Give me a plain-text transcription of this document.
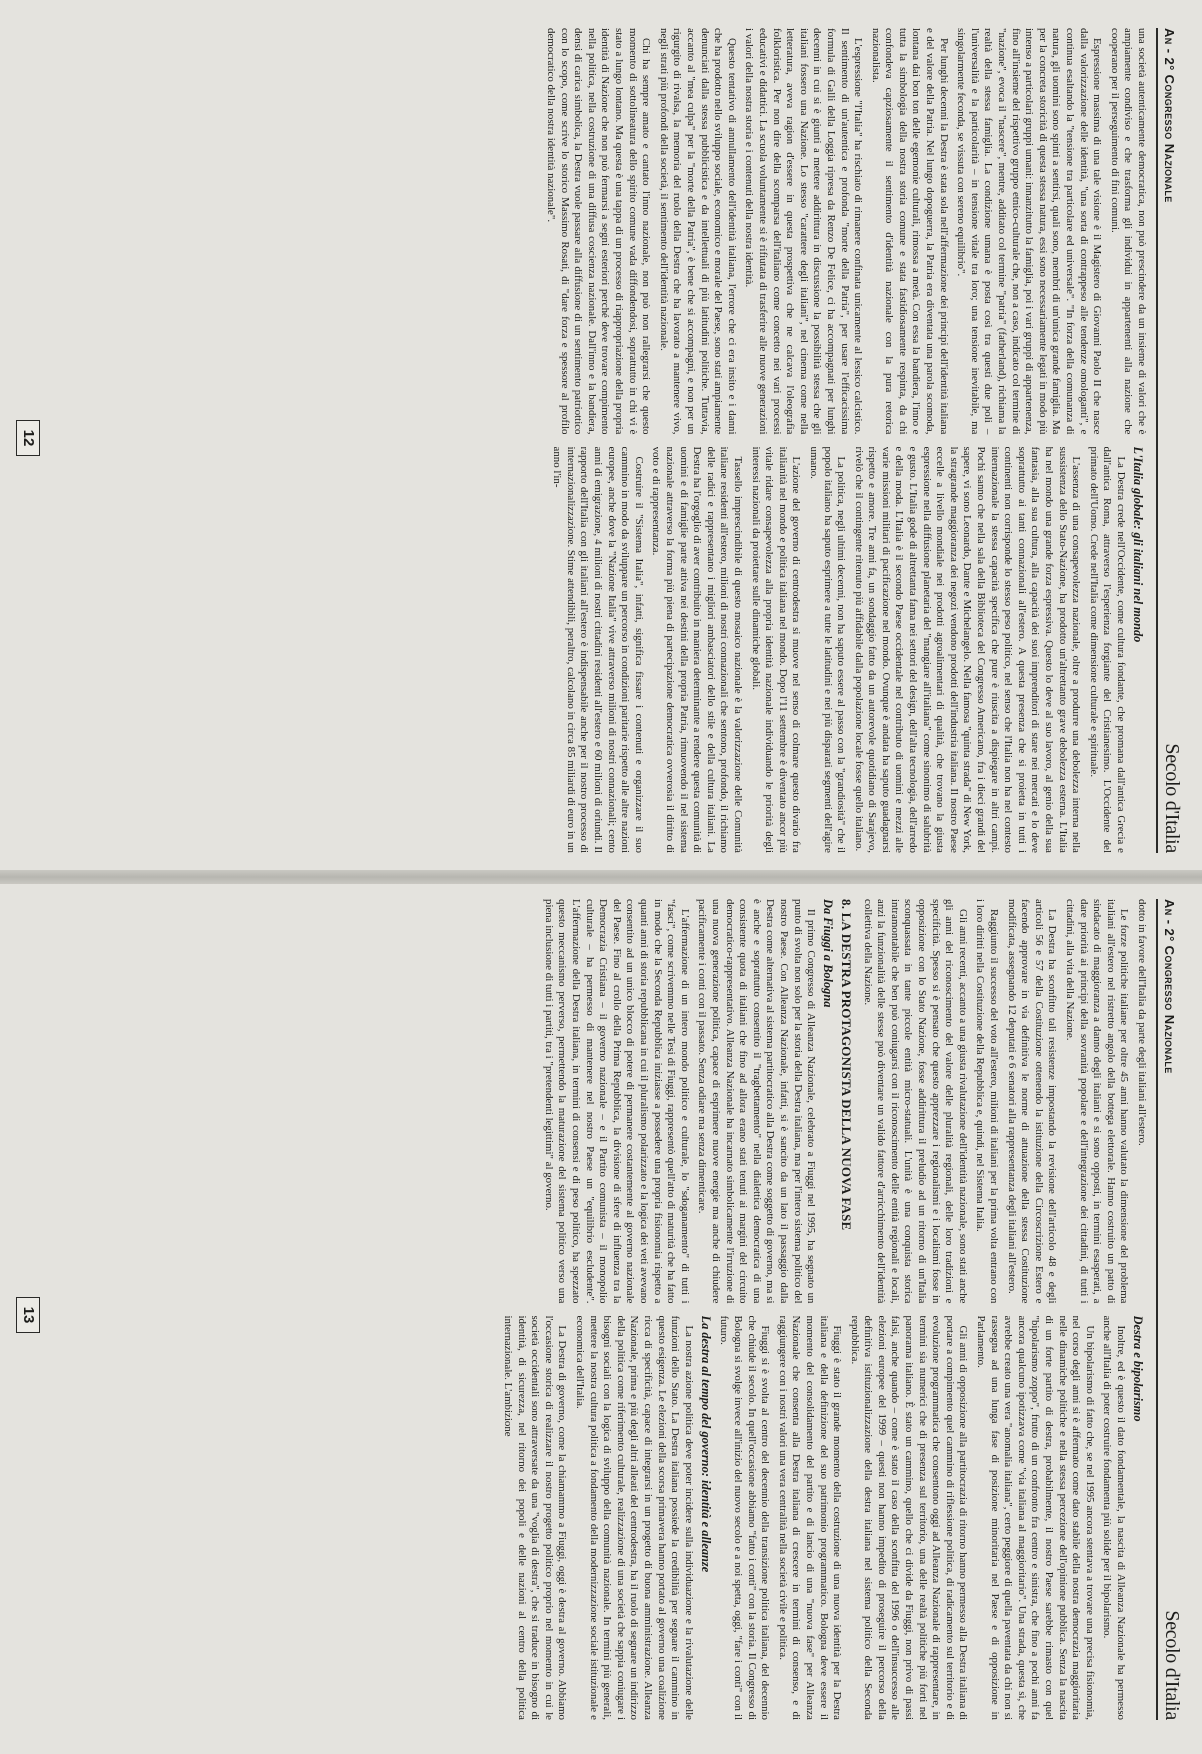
An - 2° Congresso Nazionale
Secolo d'Italia

una società autenticamente democratica, non può prescindere da un insieme di valori che è ampiamente condiviso e che trasforma gli individui in appartenenti alla nazione che cooperano per il perseguimento di fini comuni.

Espressione massima di una tale visione è il Magistero di Giovanni Paolo II che nasce dalla valorizzazione delle identità, "una sorta di contrappeso alle tendenze omologanti", e continua esaltando la "tensione tra particolare ed universale". "In forza della comunanza di natura, gli uomini sono spinti a sentirsi, quali sono, membri di un'unica grande famiglia. Ma per la concreta storicità di questa stessa natura, essi sono necessariamente legati in modo più intenso a particolari gruppi umani: innanzitutto la famiglia, poi i vari gruppi di appartenenza, fino all'insieme del rispettivo gruppo etnico-culturale che, non a caso, indicato col termine di "nazione", evoca il "nascere", mentre, additato col termine "patria" (fatherland), richiama la realtà della stessa famiglia. La condizione umana è posta così tra questi due poli – l'universalità e la particolarità – in tensione vitale tra loro; una tensione inevitabile, ma singolarmente feconda, se vissuta con sereno equilibrio".

Per lunghi decenni la Destra è stata sola nell'affermazione dei principi dell'identità italiana e del valore della Patria. Nel lungo dopoguerra, la Patria era diventata una parola scomoda, lontana dai bon ton delle egemonie culturali, rimossa a metà. Con essa la bandiera, l'inno e tutta la simbologia della nostra storia comune e stata fastidiosamente respinta, da chi confondeva capziosamente il sentimento d'identità nazionale con la pura retorica nazionalista.

L'espressione "l'Italia" ha rischiato di rimanere confinata unicamente al lessico calcistico. Il sentimento di un'autentica e profonda "morte della Patria", per usare l'efficacissima formula di Galli della Loggia ripresa da Renzo De Felice, ci ha accompagnati per lunghi decenni in cui si è giunti a mettere addirittura in discussione la possibilità stessa che gli italiani fossero una Nazione. Lo stesso "carattere degli italiani", nel cinema come nella letteratura, aveva ragion d'essere in questa prospettiva che ne calcava l'oleografia folkloristica. Per non dire della scomparsa dell'italiano come concetto nei vari processi educativi e didattici. La scuola voluntamente si è rifiutata di trasferire alle nuove generazioni i valori della nostra storia e i contenuti della nostra identità.

Questo tentativo di annullamento dell'identità italiana, l'errore che ci era insito e i danni che ha prodotto nello sviluppo sociale, economico e morale del Paese, sono stati ampiamente denunciati dalla stessa pubblicistica e da intellettuali di più latitudini politiche. Tuttavia, accanto al "mea culpa" per la "morte della Patria", è bene che si accompagni, e non per un rigurgito di rivalsa, la memoria del ruolo della Destra che ha lavorato a mantenere vivo, negli strati più profondi della società, il sentimento dell'identità nazionale.

Chi ha sempre amato e cantato l'inno nazionale, non può non rallegrarsi che questo momento di sottolineatura dello spirito comune vada diffondendosi, soprattutto in chi vi è stato a lungo lontano. Ma questa è una tappa di un processo di riappropriazione della propria identità di Nazione che non può fermarsi a segni esteriori perché deve trovare compimento nella politica, nella costruzione di una diffusa coscienza nazionale. Dall'inno e la bandiera, densi di carica simbolica, la Destra vuole passare alla diffusione di un sentimento patriottico con lo scopo, come scrive lo storico Massimo Rosati, di "dare forza e spessore al profilo democratico della nostra identità nazionale".

L'Italia globale: gli italiani nel mondo

La Destra crede nell'Occidente, come cultura fondante, che promana dall'antica Grecia e dall'antica Roma, attraverso l'esperienza forgiante del Cristianesimo. L'Occidente del primato dell'Uomo. Crede nell'Italia come dimensione culturale e spirituale.

L'assenza di una consapevolezza nazionale, oltre a produrre una debolezza interna nella sussistenza dello Stato-Nazione, ha prodotto un'altrettanto grave debolezza esterna. L'Italia ha nel mondo una grande forza espressiva. Questo lo deve al suo lavoro, al genio della sua fantasia, alla sua cultura, alla capacità dei suoi imprenditori di stare nei mercati e lo deve soprattutto ai tanti connazionali all'estero. A questa presenza che si proietta in tutti i continenti non corrisponde lo stesso peso politico, nel senso che l'Italia non ha nel contesto internazionale la stessa capacità specifica che pure è riuscita a dispiegare in altri campi. Pochi sanno che nella sala della Biblioteca del Congresso Americano, fra i dieci grandi del sapere, vi sono Leonardo, Dante e Michelangelo. Nella famosa "quinta strada" di New York, la stragrande maggioranza dei negozi vendono prodotti dell'industria italiana. Il nostro Paese eccelle a livello mondiale nei prodotti agroalimentari di qualità, che trovano la giusta espressione nella diffusione planetaria del "mangiare all'italiana" come sinonimo di salubrità e gusto. L'Italia gode di altrettanta fama nei settori del design, dell'alta tecnologia, dell'arredo e della moda. L'Italia è il secondo Paese occidentale nel contributo di uomini e mezzi alle varie missioni militari di pacificazione nel mondo. Ovunque è andata ha saputo guadagnarsi rispetto e amore. Tre anni fa, un sondaggio fatto da un autorevole quotidiano di Sarajevo, rivelò che il contingente ritenuto più affidabile dalla popolazione locale fosse quello italiano.

La politica, negli ultimi decenni, non ha saputo essere al passo con la "grandiosità" che il popolo italiano ha saputo esprimere a tutte le latitudini e nei più disparati segmenti dell'agire umano.

L'azione del governo di centrodestra si muove nel senso di colmare questo divario fra italianità nel mondo e politica italiana nel mondo. Dopo l'11 settembre è diventato ancor più vitale ridare consapevolezza alla propria identità nazionale individuando le priorità degli interessi nazionali da proiettare sulle dinamiche globali.

Tassello imprescindibile di questo mosaico nazionale è la valorizzazione delle Comunità italiane residenti all'estero, milioni di nostri connazionali che sentono, profondo, il richiamo delle radici e rappresentano i migliori ambasciatori dello stile e della cultura italiani. La Destra ha l'orgoglio di aver contribuito in maniera determinante a rendere questa comunità di uomini e di famiglie parte attiva nei destini della propria Patria, rimuovendo il nel sistema nazionale attraverso la forma più piena di partecipazione democratica ovverosia il diritto di voto e di rappresentanza.

Costruire il "Sistema Italia", infatti, significa fissare i contenuti e organizzare il suo cammino in modo da sviluppare un percorso in condizioni paritarie rispetto alle altre nazioni europee, anche dove la "Nazione Italia" vive attraverso milioni di nostri connazionali; cento anni di emigrazione, 4 milioni di nostri cittadini residenti all'estero e 60 milioni di oriundi. Il rapporto dell'Italia con gli italiani all'estero è indispensabile anche per il nostro processo di internazionalizzazione. Stime attendibili, peraltro, calcolano in circa 85 miliardi di euro in un anno l'in-

12
An - 2° Congresso Nazionale
Secolo d'Italia

dotto in favore dell'Italia da parte degli italiani all'estero.

Le forze politiche italiane per oltre 45 anni hanno valutato la dimensione del problema italiani all'estero nel ristretto angolo della bottega elettorale. Hanno costruito un patto di sindacato di maggioranza a danno degli italiani e si sono opposti, in termini esasperati, a dare priorità ai principi della sovranità popolare e dell'integrazione dei cittadini, di tutti i cittadini, alla vita della Nazione.

La Destra ha sconfitto tali resistenze impostando la revisione dell'articolo 48 e degli articoli 56 e 57 della Costituzione ottenendo la istituzione della Circoscrizione Estero e facendo approvare in via definitiva le norme di attuazione della stessa Costituzione modificata, assegnando 12 deputati e 6 senatori alla rappresentanza degli italiani all'estero.

Raggiunto il successo del voto all'estero, milioni di italiani per la prima volta entrano con i loro diritti nella Costituzione della Repubblica e, quindi, nel Sistema Italia.

Gli anni recenti, accanto a una giusta rivalutazione dell'identità nazionale, sono stati anche gli anni del riconoscimento del valore delle pluralità regionali, delle loro tradizioni e specificità. Spesso si è pensato che questo apprezzare i regionalismi e i localismi fosse in opposizione con lo Stato Nazione, fosse addirittura il preludio ad un ritorno di un'Italia sconquassata in tante piccole entità micro-statuali. L'unità è una conquista storica intramontabile che ben può coniugarsi con il riconoscimento delle entità regionali e locali, anzi la funzionalità delle stesse può diventare un valido fattore d'arricchimento dell'identità collettiva della Nazione.

8. LA DESTRA PROTAGONISTA DELLA NUOVA FASE
Da Fiuggi a Bologna

Il primo Congresso di Alleanza Nazionale, celebrato a Fiuggi nel 1995, ha segnato un punto di svolta non solo per la storia della Destra italiana, ma per l'intero sistema politico del nostro Paese. Con Alleanza Nazionale, infatti, si è sancito da un lato il passaggio dalla Destra come alternativa al sistema partitocratico alla Destra come soggetto di governo, ma si è anche e soprattutto consentito il "traghettamento" nella dialettica democratica di una consistente quota di italiani che fino ad allora erano stati tenuti ai margini del circuito democratico-rappresentativo. Alleanza Nazionale ha incarnato simbolicamente l'irruzione di una nuova generazione politica, capace di esprimere nuove energie ma anche di chiudere pacificamente i conti con il passato. Senza odiare ma senza dimenticare.

L'affermazione di un intero mondo politico e culturale, lo "sdoganamento" di tutti i "fasci", come scrivemmo nelle Tesi di Fiuggi, rappresentò quell'atto di maturità che ha fatto in modo che la Seconda Repubblica iniziasse a possedere una propria fisionomia rispetto a quanti anni di storia repubblicana in cui il pluralismo polarizzato e la logica dei veti avevano consentito ad un unico blocco di potere di permanere costantemente al governo nazionale del Paese. Fino al crollo della Prima Repubblica, la divisione di sfere di influenza tra la Democrazia Cristiana – il governo nazionale – e il Partito comunista – il monopolio culturale – ha permesso di mantenere nel nostro Paese un "equilibrio escludente". L'affermazione della Destra italiana, in termini di consensi e di peso politico, ha spezzato questo meccanismo perverso, permettendo la maturazione del sistema politico verso una piena inclusione di tutti i partiti, tra i "pretendenti legittimi" al governo.

Destra e bipolarismo

Inoltre, ed è questo il dato fondamentale, la nascita di Alleanza Nazionale ha permesso anche all'Italia di poter costruire fondamenta più solide per il bipolarismo.

Un bipolarismo di fatto che, se nel 1995 ancora stentava a trovare una precisa fisionomia, nel corso degli anni si è affermato come dato stabile della nostra democrazia maggioritaria nelle dinamiche politiche e nella stessa percezione dell'opinione pubblica. Senza la nascita di un forte partito di destra, probabilmente, il nostro Paese sarebbe rimasto con quel "bipolarismo zoppo", frutto di un confronto fra centro e sinistra, che fino a pochi anni fa ancora qualcuno ipotizzava come "via italiana al maggioritario". Una strada, questa sì, che avrebbe creato una vera "anomalia italiana", certo peggiore di quella paventata da chi non si rassegna ad una lunga fase di posizione minoritaria nel Paese e di opposizione in Parlamento.

Gli anni di opposizione alla partitocrazia di ritorno hanno permesso alla Destra italiana di portare a compimento quel cammino di riflessione politica, di radicamento sul territorio e di evoluzione programmatica che consentono oggi ad Alleanza Nazionale di rappresentare, in termini sia numerici che di presenza sul territorio, una delle realtà politiche più forti nel panorama italiano. È stato un cammino, quello che ci divide da Fiuggi, non privo di passi falsi, anche quando – come è stato il caso della sconfitta del 1996 o dell'insuccesso alle elezioni europee del 1999 – questi non hanno impedito di proseguire il percorso della definitiva istituzionalizzazione della destra italiana nel sistema politico della Seconda repubblica.

Fiuggi è stato il grande momento della costruzione di una nuova identità per la Destra italiana e della definizione del suo patrimonio programmatico. Bologna deve essere il momento del consolidamento del partito e di lancio di una "nuova fase" per Alleanza Nazionale che consenta alla Destra italiana di crescere in termini di consenso, e di raggiungere con i nostri valori una vera centralità nella società civile e politica.

Fiuggi si è svolta al centro del decennio della transizione politica italiana, del decennio che chiude il secolo. In quell'occasione abbiamo "fatto i conti" con la storia. Il Congresso di Bologna si svolge invece all'inizio del nuovo secolo e a noi spetta, oggi, "fare i conti" con il futuro.

La destra al tempo del governo: identità e alleanze

La nostra azione politica deve poter incidere sulla individuazione e la rivalutazione delle funzioni dello Stato. La Destra italiana possiede la credibilità per segnare il cammino in questo esigenza. Le elezioni della scorsa primavera hanno portato al governo una coalizione ricca di specificità, capace di integrarsi in un progetto di buona amministrazione. Alleanza Nazionale, prima e più degli altri alleati del centrodestra, ha il ruolo di segnare un indirizzo della politica come riferimento culturale, realizzazione di una società che sappia coniugare i bisogni sociali con la logica di sviluppo della comunità nazionale. In termini più generali, mettere la nostra cultura politica a fondamento della modernizzazione sociale istituzionale e economica dell'Italia.

La Destra di governo, come la chiamammo a Fiuggi, oggi è destra al governo. Abbiamo l'occasione storica di realizzare il nostro progetto politico proprio nel momento in cui le società occidentali sono attraversate da una "voglia di destra", che si traduce in bisogno di identità, di sicurezza, nel ritorno dei popoli e delle nazioni al centro della politica internazionale. L'ambizione

13
